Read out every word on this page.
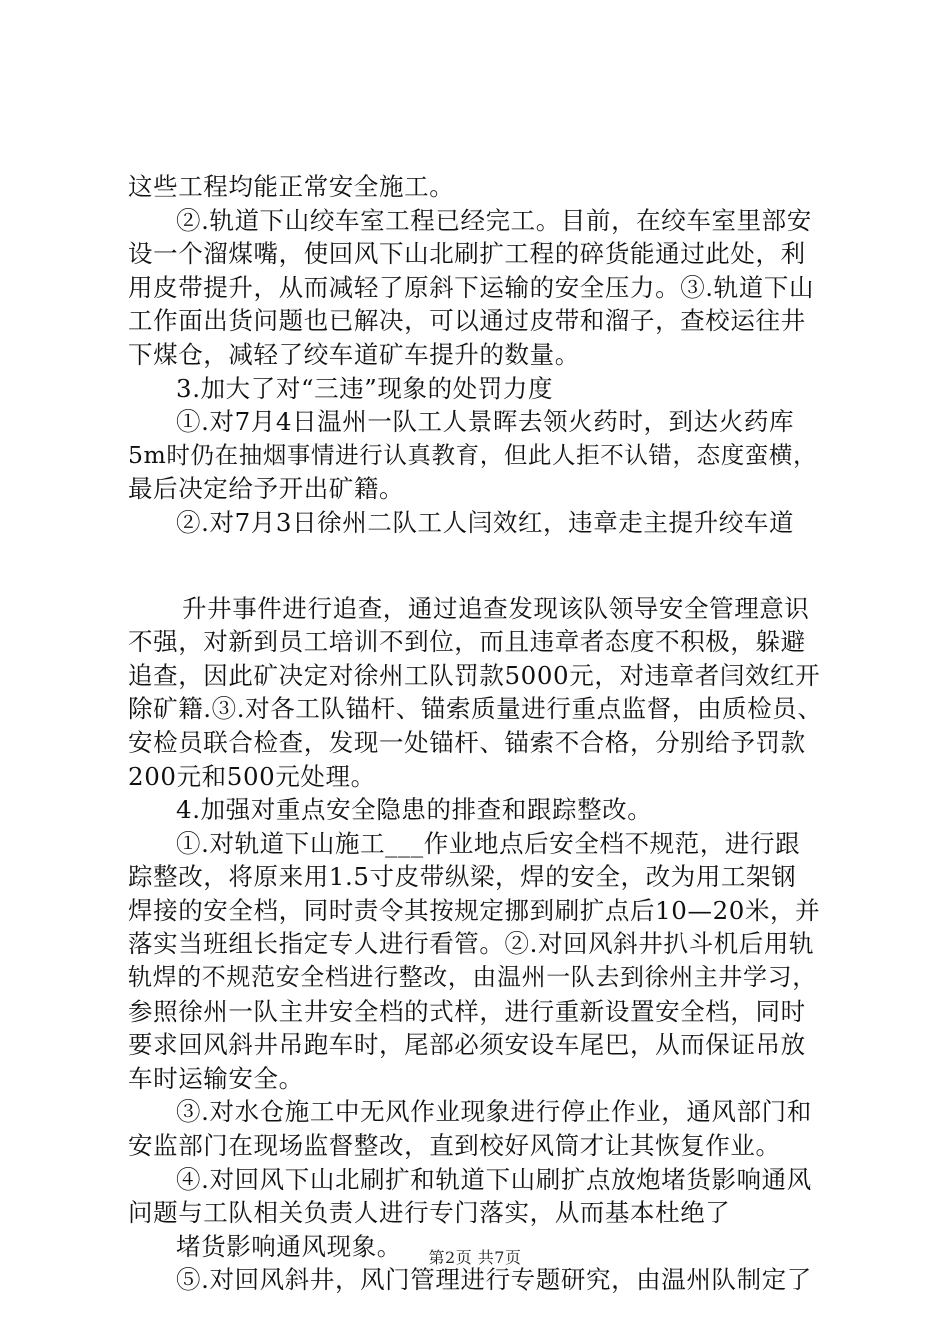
这些工程均能正常安全施工。
②.轨道下山绞车室工程已经完工。目前，在绞车室里部安
设一个溜煤嘴，使回风下山北刷扩工程的碎货能通过此处，利
用皮带提升，从而减轻了原斜下运输的安全压力。③.轨道下山
工作面出货问题也已解决，可以通过皮带和溜子，查校运往井
下煤仓，减轻了绞车道矿车提升的数量。
3.加大了对“三违”现象的处罚力度
①.对7月4日温州一队工人景晖去领火药时，到达火药库
5m时仍在抽烟事情进行认真教育，但此人拒不认错，态度蛮横，
最后决定给予开出矿籍。
②.对7月3日徐州二队工人闫效红，违章走主提升绞车道
升井事件进行追查，通过追查发现该队领导安全管理意识
不强，对新到员工培训不到位，而且违章者态度不积极，躲避
追查，因此矿决定对徐州工队罚款5000元，对违章者闫效红开
除矿籍.③.对各工队锚杆、锚索质量进行重点监督，由质检员、
安检员联合检查，发现一处锚杆、锚索不合格，分别给予罚款
200元和500元处理。
4.加强对重点安全隐患的排查和跟踪整改。
①.对轨道下山施工___作业地点后安全档不规范，进行跟
踪整改，将原来用1.5寸皮带纵梁，焊的安全，改为用工架钢
焊接的安全档，同时责令其按规定挪到刷扩点后10—20米，并
落实当班组长指定专人进行看管。②.对回风斜井扒斗机后用轨
轨焊的不规范安全档进行整改，由温州一队去到徐州主井学习，
参照徐州一队主井安全档的式样，进行重新设置安全档，同时
要求回风斜井吊跑车时，尾部必须安设车尾巴，从而保证吊放
车时运输安全。
③.对水仓施工中无风作业现象进行停止作业，通风部门和
安监部门在现场监督整改，直到校好风筒才让其恢复作业。
④.对回风下山北刷扩和轨道下山刷扩点放炮堵货影响通风
问题与工队相关负责人进行专门落实，从而基本杜绝了
堵货影响通风现象。
⑤.对回风斜井，风门管理进行专题研究，由温州队制定了
第2页 共7页
